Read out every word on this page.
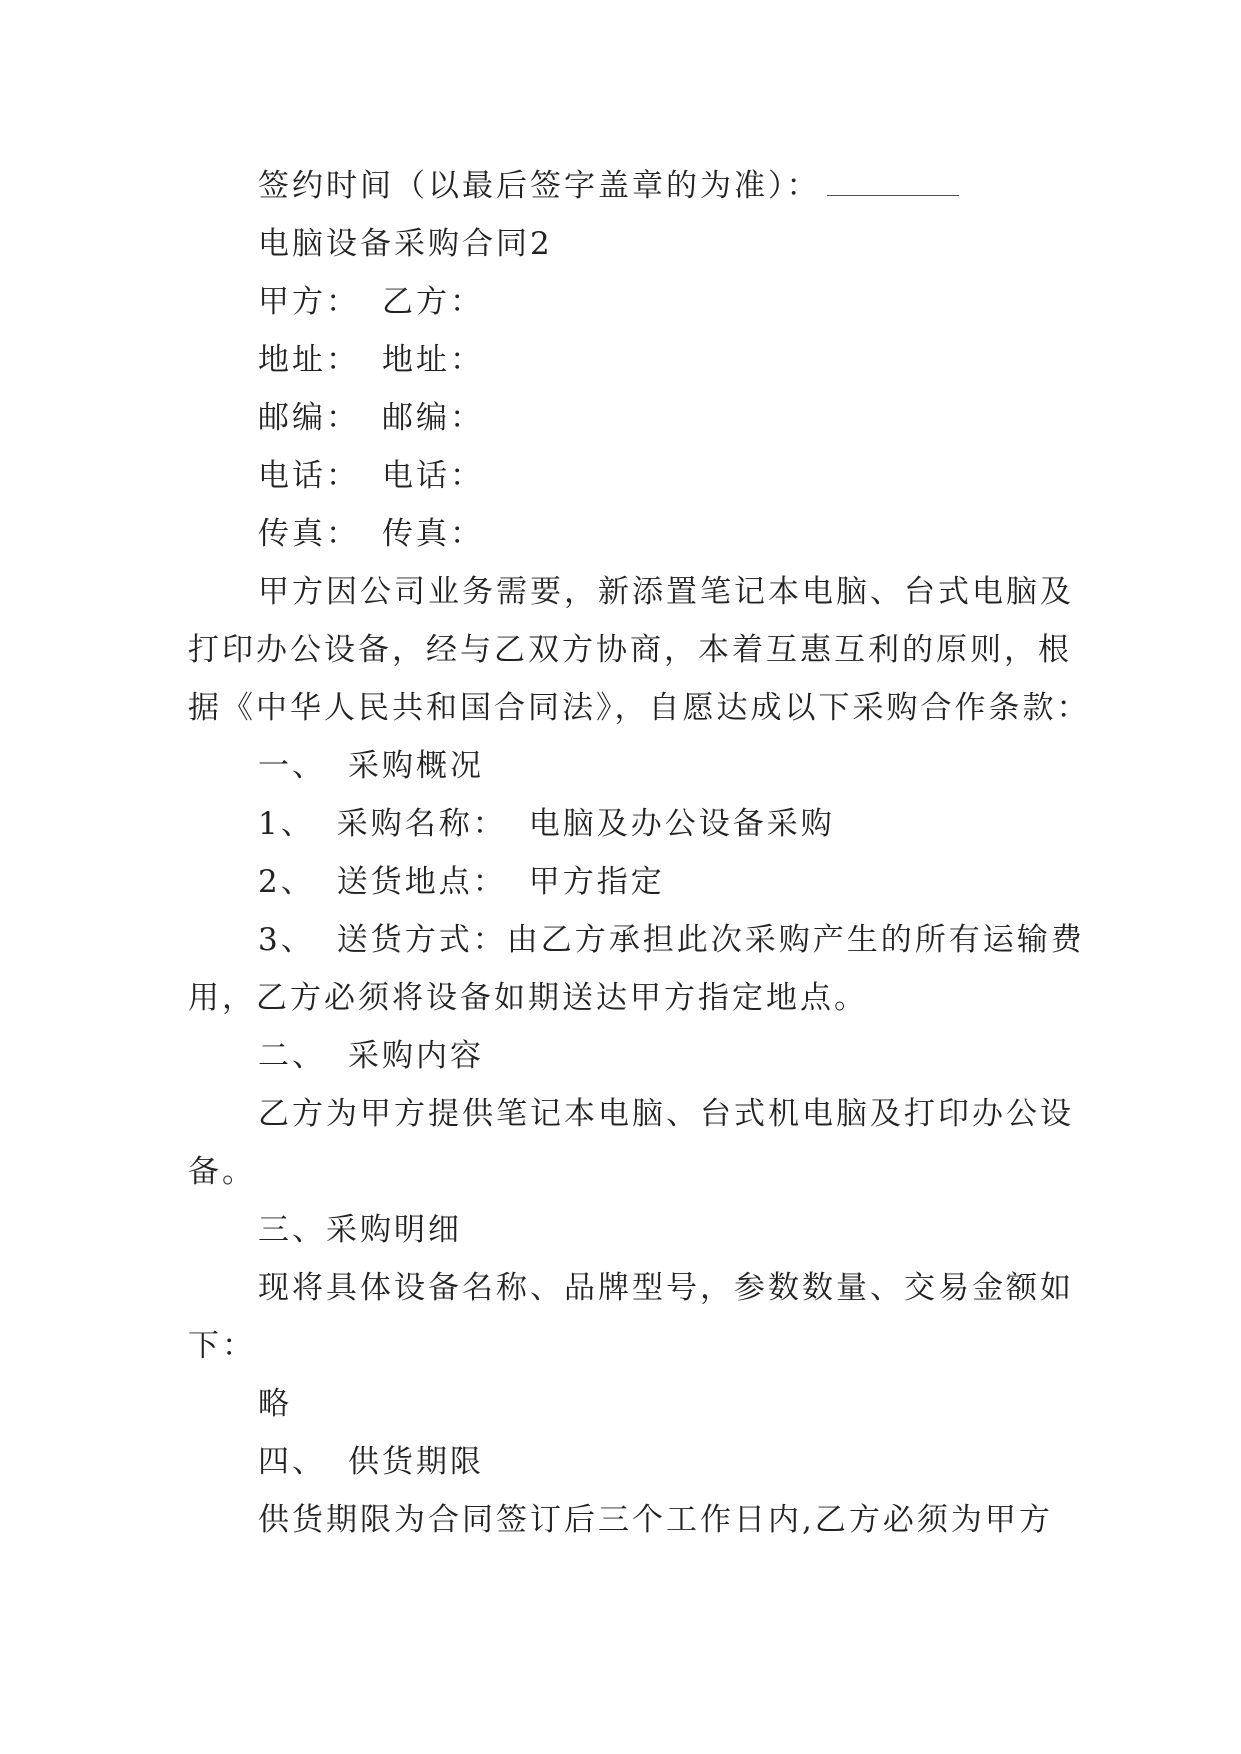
签约时间（以最后签字盖章的为准）：
电脑设备采购合同2
甲方： 乙方：
地址： 地址：
邮编： 邮编：
电话： 电话：
传真： 传真：
甲方因公司业务需要，新添置笔记本电脑、台式电脑及
打印办公设备，经与乙双方协商，本着互惠互利的原则，根
据《中华人民共和国合同法》，自愿达成以下采购合作条款：
一、 采购概况
1、 采购名称： 电脑及办公设备采购
2、 送货地点： 甲方指定
3、 送货方式：由乙方承担此次采购产生的所有运输费
用，乙方必须将设备如期送达甲方指定地点。
二、 采购内容
乙方为甲方提供笔记本电脑、台式机电脑及打印办公设
备。
三、采购明细
现将具体设备名称、品牌型号，参数数量、交易金额如
下：
略
四、 供货期限
供货期限为合同签订后三个工作日内,乙方必须为甲方
